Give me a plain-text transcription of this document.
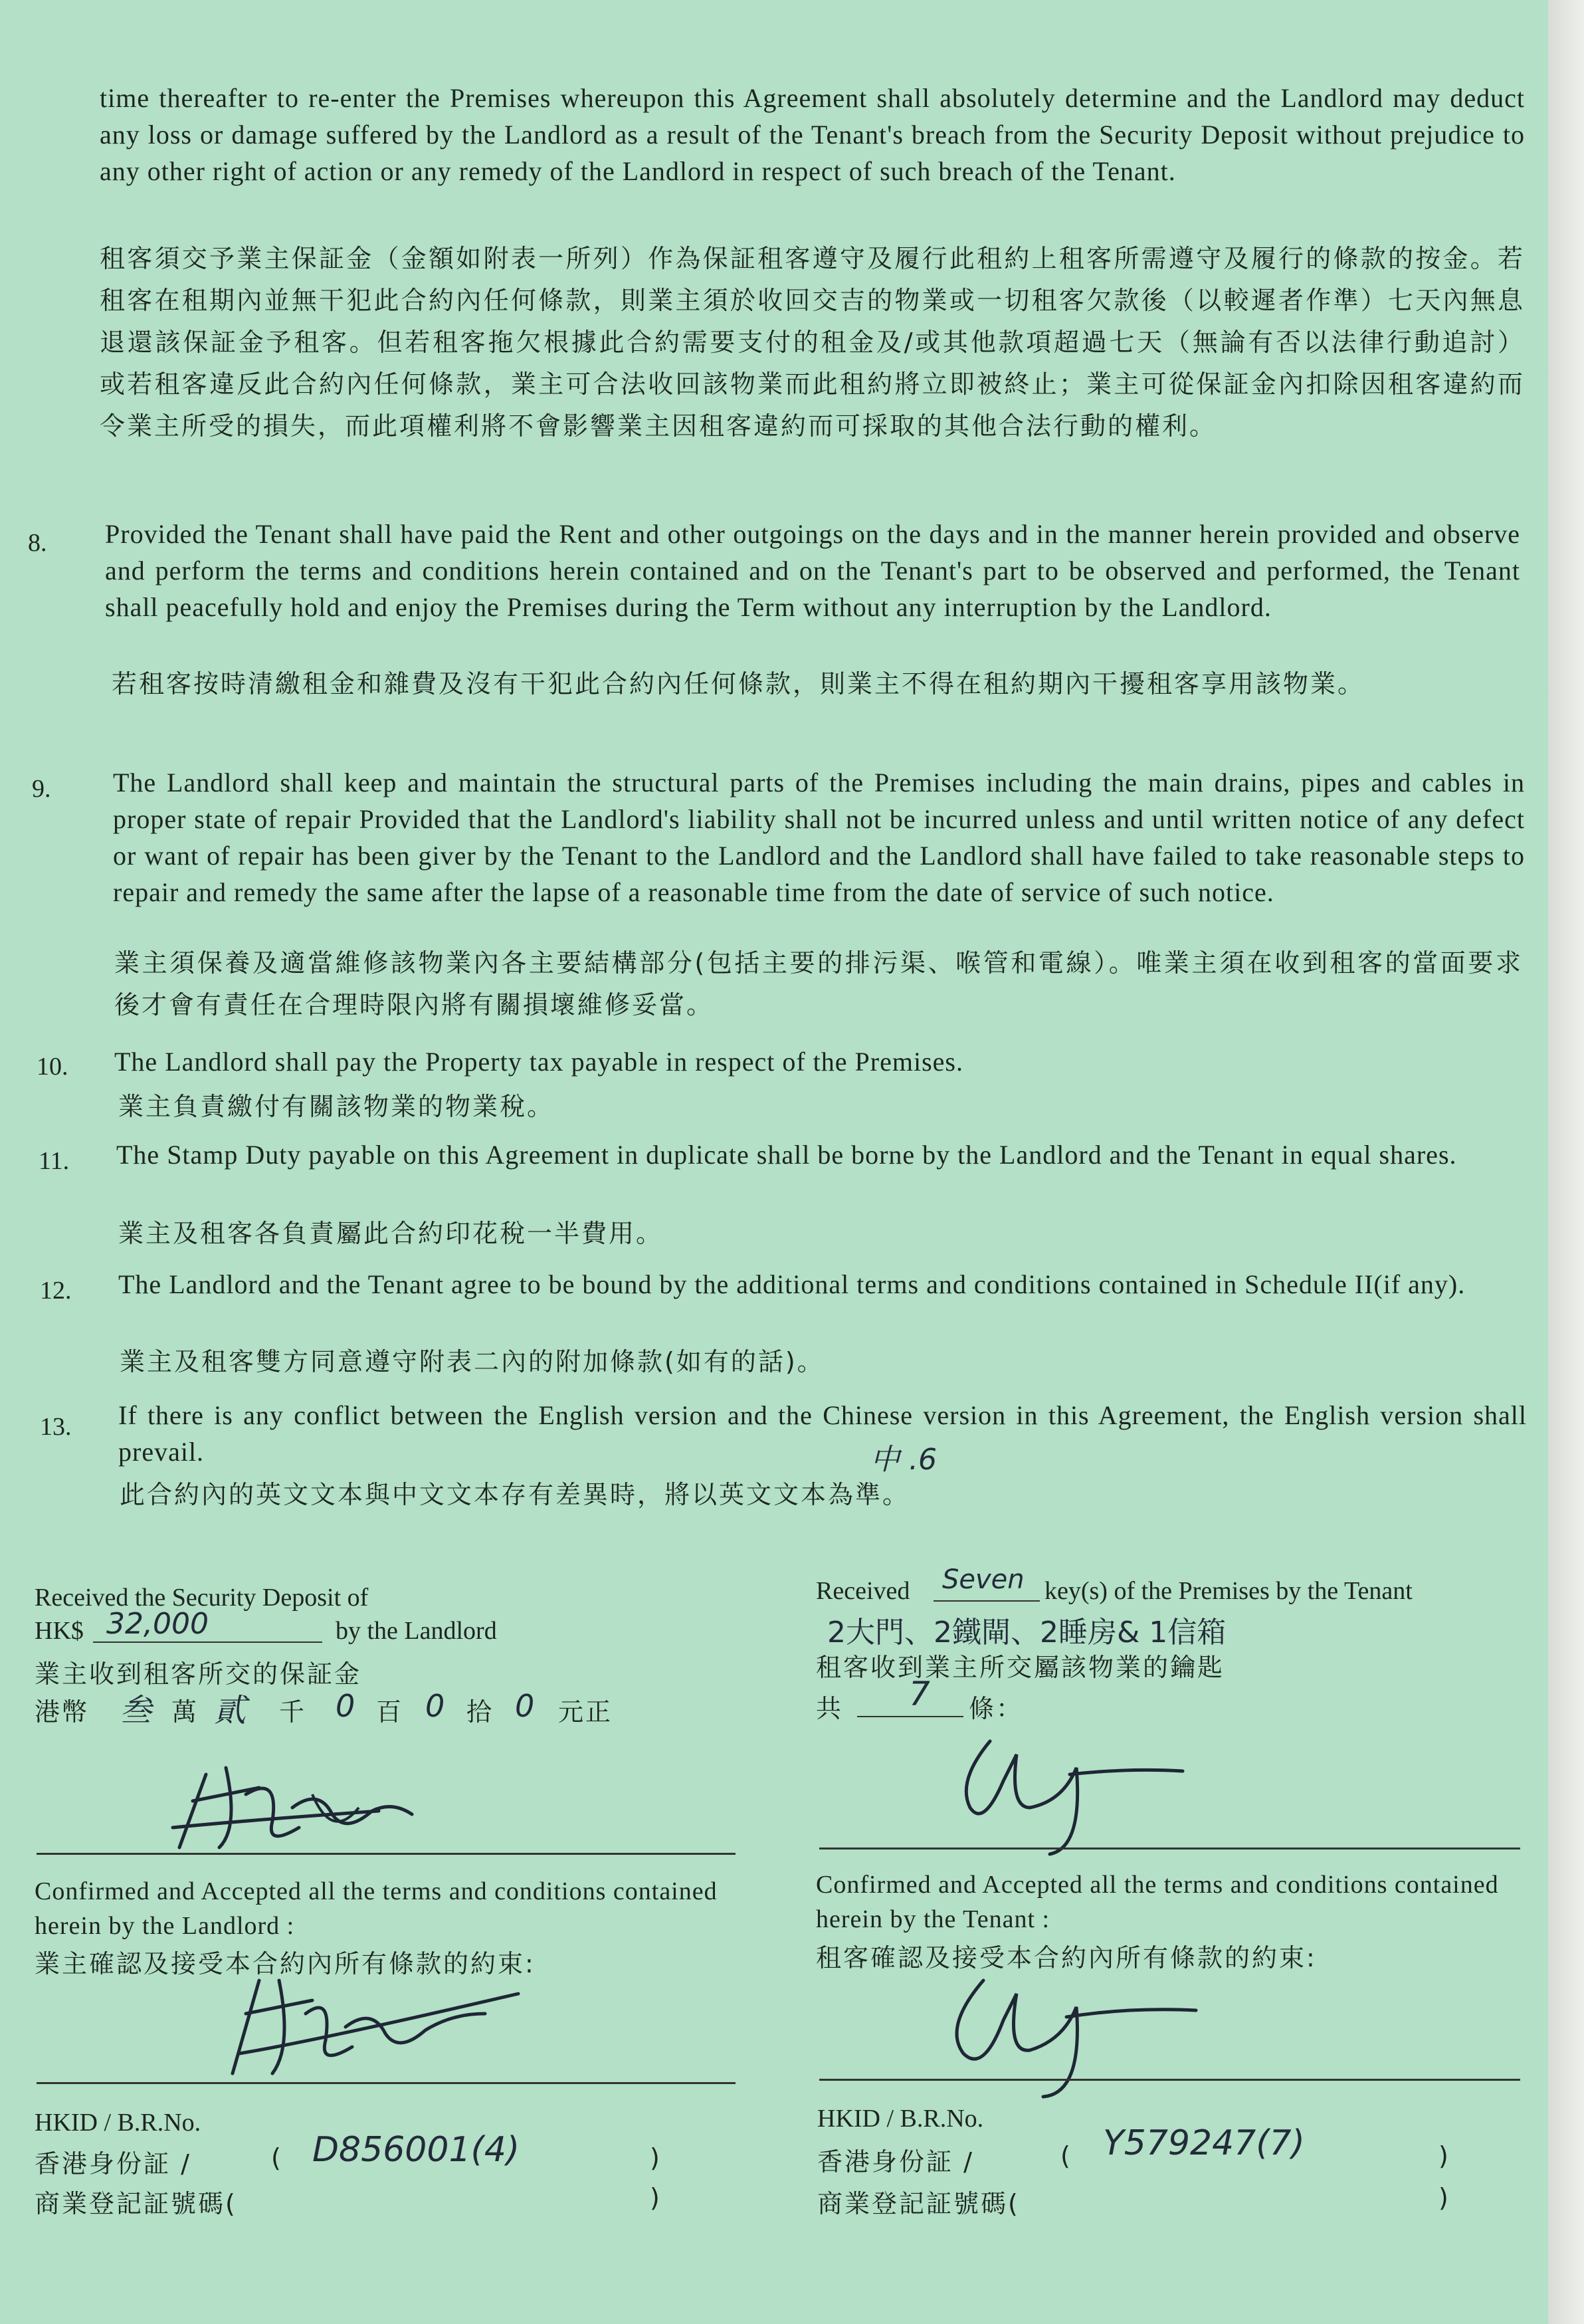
time thereafter to re-enter the Premises whereupon this Agreement shall absolutely determine and the Landlord may deduct any loss or damage suffered by the Landlord as a result of the Tenant's breach from the Security Deposit without prejudice to any other right of action or any remedy of the Landlord in respect of such breach of the Tenant.
租客須交予業主保証金（金額如附表一所列）作為保証租客遵守及履行此租約上租客所需遵守及履行的條款的按金。若租客在租期內並無干犯此合約內任何條款，則業主須於收回交吉的物業或一切租客欠款後（以較遲者作準）七天內無息退還該保証金予租客。但若租客拖欠根據此合約需要支付的租金及/或其他款項超過七天（無論有否以法律行動追討）或若租客違反此合約內任何條款，業主可合法收回該物業而此租約將立即被終止；業主可從保証金內扣除因租客違約而令業主所受的損失，而此項權利將不會影響業主因租客違約而可採取的其他合法行動的權利。
8. Provided the Tenant shall have paid the Rent and other outgoings on the days and in the manner herein provided and observe and perform the terms and conditions herein contained and on the Tenant's part to be observed and performed, the Tenant shall peacefully hold and enjoy the Premises during the Term without any interruption by the Landlord.
若租客按時清繳租金和雜費及沒有干犯此合約內任何條款，則業主不得在租約期內干擾租客享用該物業。
9. The Landlord shall keep and maintain the structural parts of the Premises including the main drains, pipes and cables in proper state of repair Provided that the Landlord's liability shall not be incurred unless and until written notice of any defect or want of repair has been giver by the Tenant to the Landlord and the Landlord shall have failed to take reasonable steps to repair and remedy the same after the lapse of a reasonable time from the date of service of such notice.
業主須保養及適當維修該物業內各主要結構部分(包括主要的排污渠、喉管和電線）。唯業主須在收到租客的當面要求後才會有責任在合理時限內將有關損壞維修妥當。
10. The Landlord shall pay the Property tax payable in respect of the Premises.
業主負責繳付有關該物業的物業稅。
11. The Stamp Duty payable on this Agreement in duplicate shall be borne by the Landlord and the Tenant in equal shares.
業主及租客各負責屬此合約印花稅一半費用。
12. The Landlord and the Tenant agree to be bound by the additional terms and conditions contained in Schedule II(if any).
業主及租客雙方同意遵守附表二內的附加條款(如有的話)。
13. If there is any conflict between the English version and the Chinese version in this Agreement, the English version shall prevail.
此合約內的英文文本與中文文本存有差異時，將以英文文本為準。
中 .6
Received the Security Deposit of
HK$ 32,000	by the Landlord
業主收到租客所交的保証金
港幣 叁 萬 貳 千 0 百 0 拾 0 元正
Received Seven key(s) of the Premises by the Tenant
2大門、2鐵閘、2睡房& 1信箱
租客收到業主所交屬該物業的鑰匙
共 7 條：
Confirmed and Accepted all the terms and conditions contained herein by the Landlord :
業主確認及接受本合約內所有條款的約束:
Confirmed and Accepted all the terms and conditions contained herein by the Tenant :
租客確認及接受本合約內所有條款的約束:
HKID / B.R.No.
香港身份証 /	( D856001(4)	)
商業登記証號碼(	)
HKID / B.R.No.
香港身份証 /	( Y579247(7)	)
商業登記証號碼(	)
